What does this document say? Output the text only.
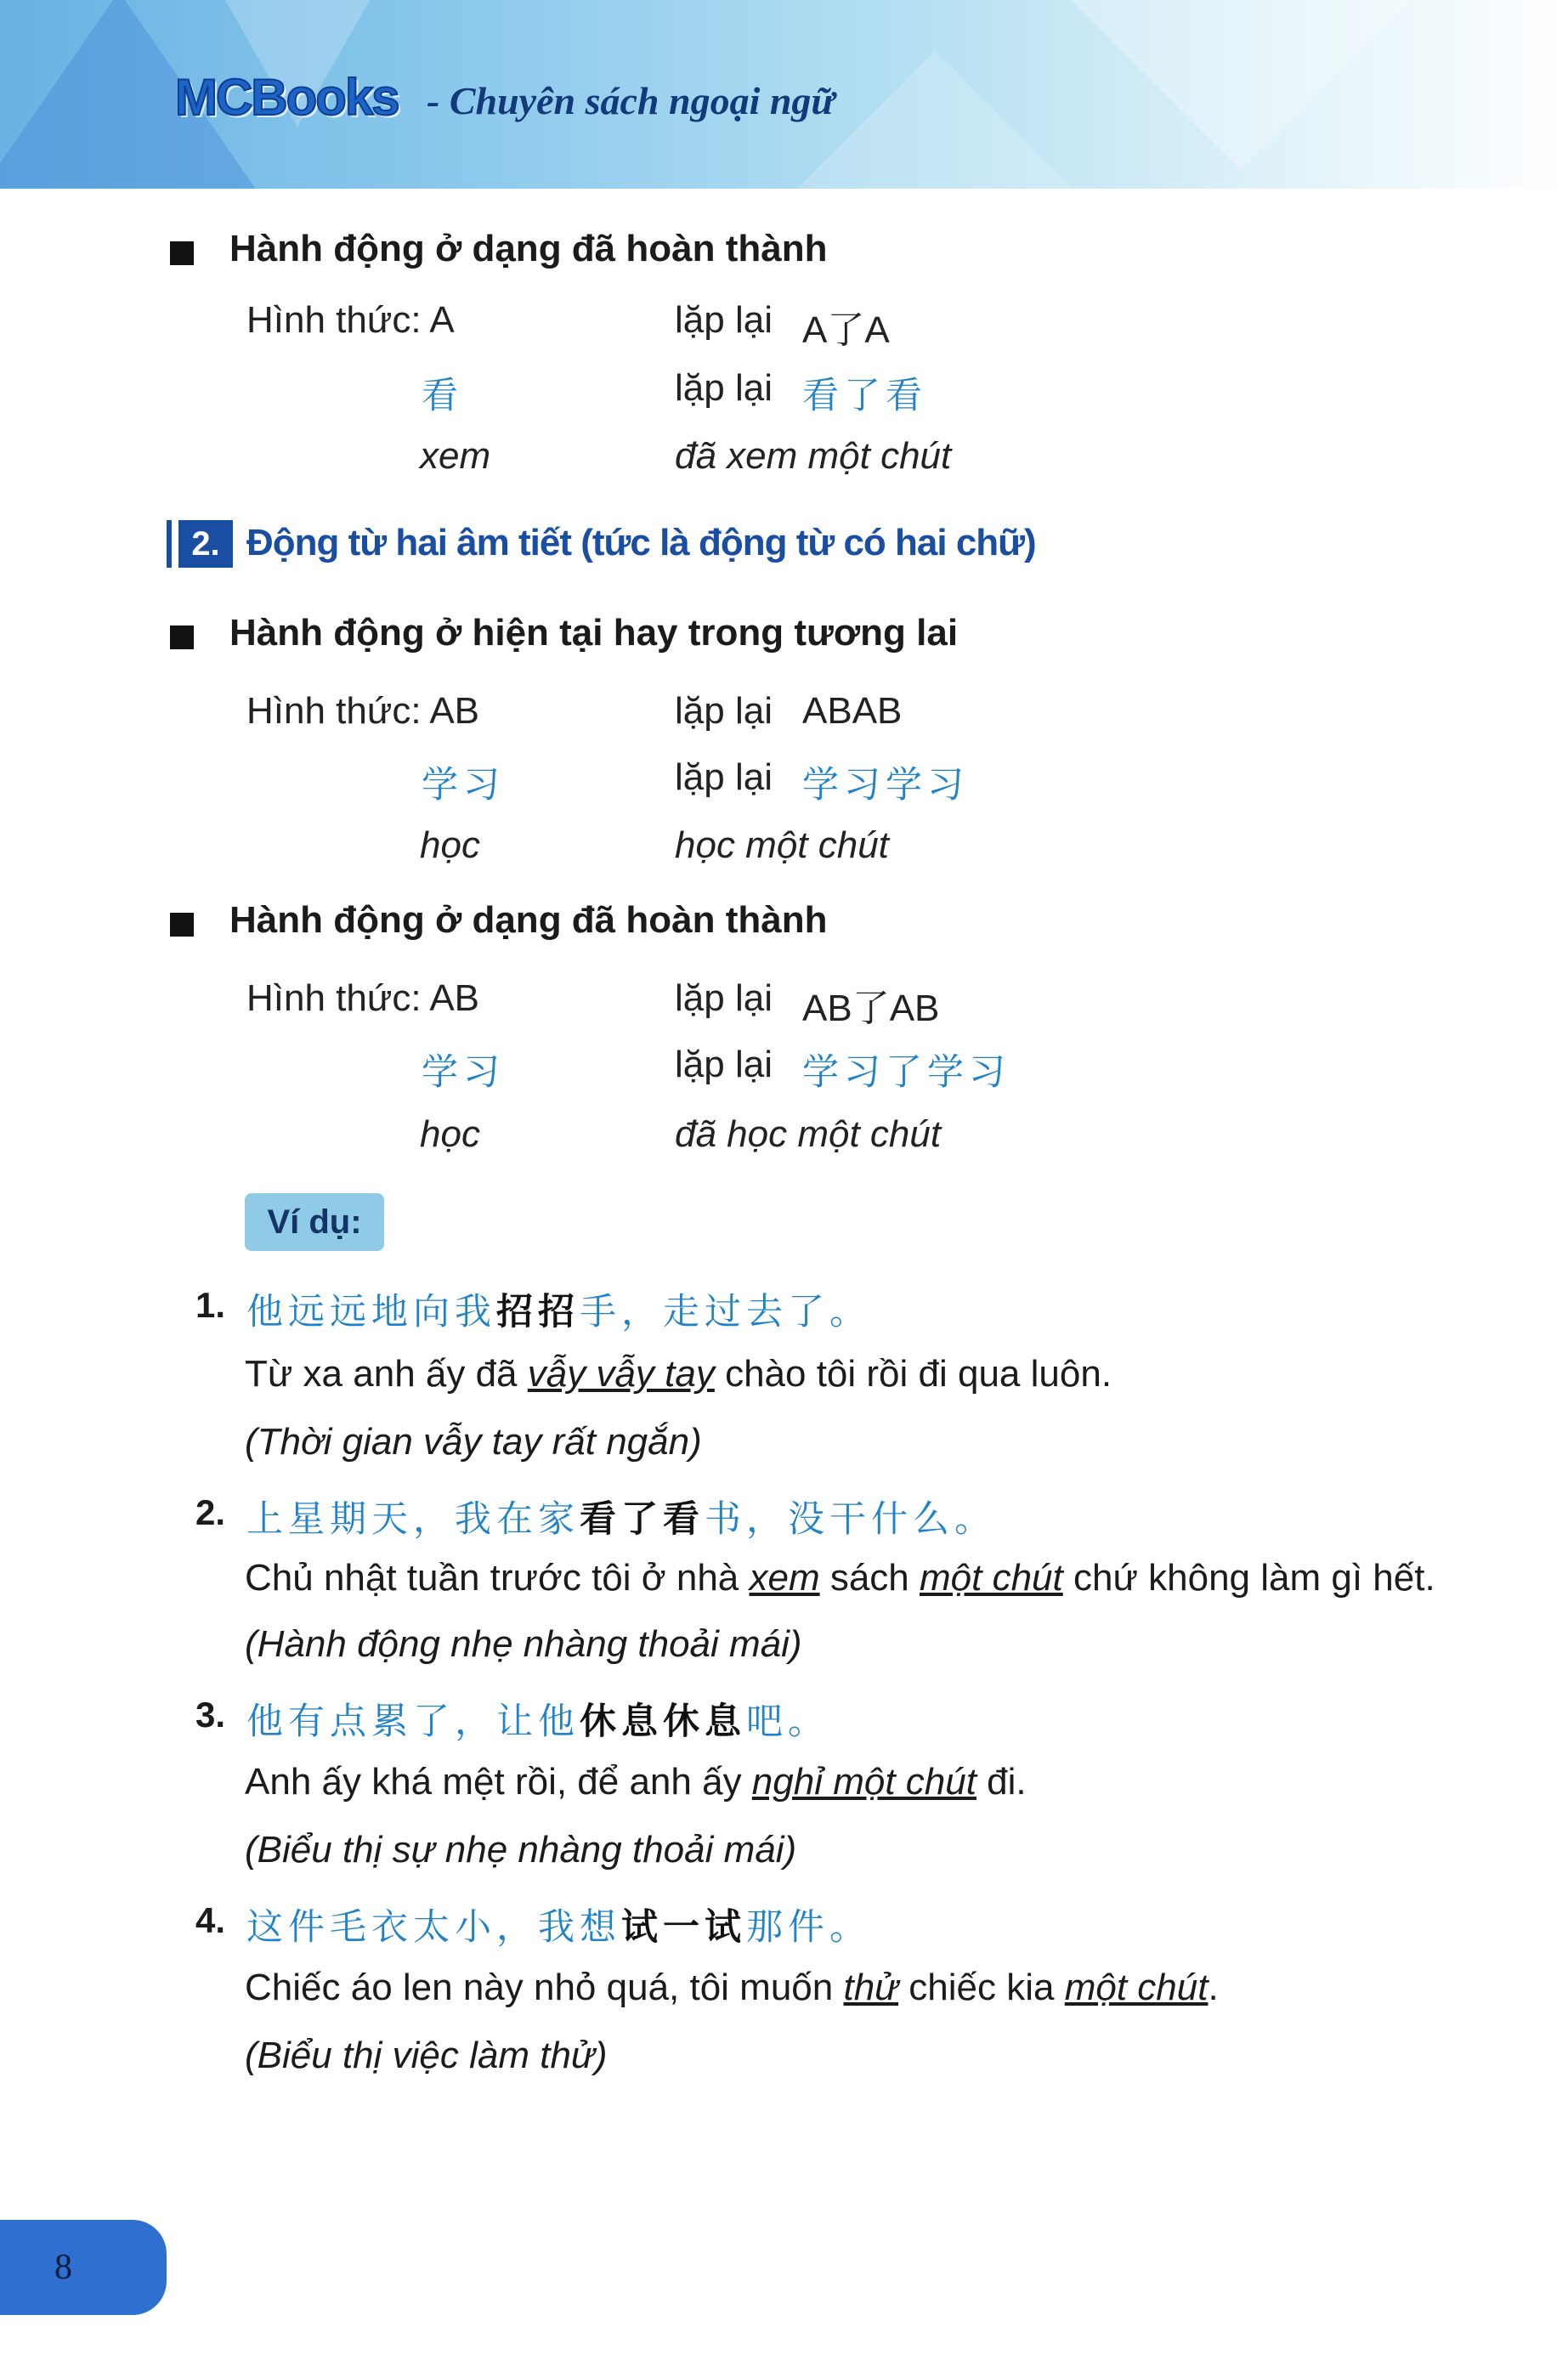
MCBooks - Chuyên sách ngoại ngữ
Hành động ở dạng đã hoàn thành
Hình thức: A	lặp lại A了A
看	lặp lại 看了看
xem	đã xem một chút
2. Động từ hai âm tiết (tức là động từ có hai chữ)
Hành động ở hiện tại hay trong tương lai
Hình thức: AB	lặp lại ABAB
学习	lặp lại 学习学习
học	học một chút
Hành động ở dạng đã hoàn thành
Hình thức: AB	lặp lại AB了AB
学习	lặp lại 学习了学习
học	đã học một chút
Ví dụ:
1. 他远远地向我招招手，走过去了。
Từ xa anh ấy đã vẫy vẫy tay chào tôi rồi đi qua luôn.
(Thời gian vẫy tay rất ngắn)
2. 上星期天，我在家看了看书，没干什么。
Chủ nhật tuần trước tôi ở nhà xem sách một chút chứ không làm gì hết.
(Hành động nhẹ nhàng thoải mái)
3. 他有点累了，让他休息休息吧。
Anh ấy khá mệt rồi, để anh ấy nghỉ một chút đi.
(Biểu thị sự nhẹ nhàng thoải mái)
4. 这件毛衣太小，我想试一试那件。
Chiếc áo len này nhỏ quá, tôi muốn thử chiếc kia một chút.
(Biểu thị việc làm thử)
8
